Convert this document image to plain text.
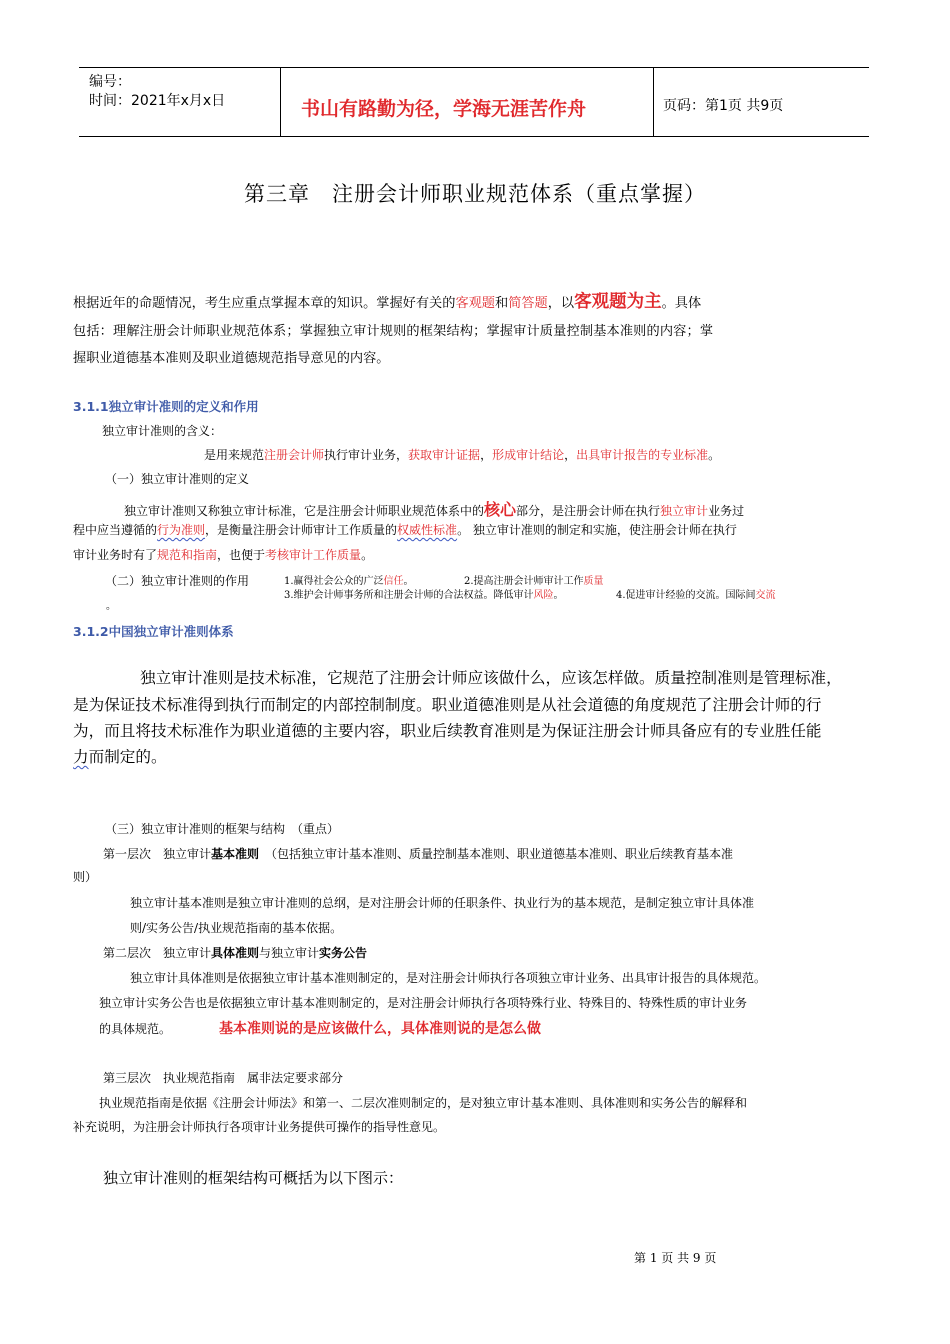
编号：
时间：2021年x月x日	书山有路勤为径，学海无涯苦作舟	页码：第1页 共9页
第三章　注册会计师职业规范体系（重点掌握）
根据近年的命题情况，考生应重点掌握本章的知识。掌握好有关的客观题和简答题，以客观题为主。具体
包括：理解注册会计师职业规范体系；掌握独立审计规则的框架结构；掌握审计质量控制基本准则的内容；掌
握职业道德基本准则及职业道德规范指导意见的内容。
3.1.1独立审计准则的定义和作用
独立审计准则的含义：
是用来规范注册会计师执行审计业务，获取审计证据，形成审计结论，出具审计报告的专业标准。
（一）独立审计准则的定义
独立审计准则又称独立审计标准，它是注册会计师职业规范体系中的核心部分，是注册会计师在执行独立审计业务过
程中应当遵循的行为准则，是衡量注册会计师审计工作质量的权威性标准。 独立审计准则的制定和实施，使注册会计师在执行
审计业务时有了规范和指南，也便于考核审计工作质量。
（二）独立审计准则的作用	1.赢得社会公众的广泛信任。	2.提高注册会计师审计工作质量
3.维护会计师事务所和注册会计师的合法权益。降低审计风险。	4.促进审计经验的交流。国际间交流
。
3.1.2中国独立审计准则体系
独立审计准则是技术标准，它规范了注册会计师应该做什么，应该怎样做。质量控制准则是管理标准，
是为保证技术标准得到执行而制定的内部控制制度。职业道德准则是从社会道德的角度规范了注册会计师的行
为，而且将技术标准作为职业道德的主要内容，职业后续教育准则是为保证注册会计师具备应有的专业胜任能
力而制定的。
（三）独立审计准则的框架与结构　（重点）
第一层次　独立审计基本准则　（包括独立审计基本准则、质量控制基本准则、职业道德基本准则、职业后续教育基本准
则）
独立审计基本准则是独立审计准则的总纲，是对注册会计师的任职条件、执业行为的基本规范，是制定独立审计具体准
则/实务公告/执业规范指南的基本依据。
第二层次　独立审计具体准则与独立审计实务公告
独立审计具体准则是依据独立审计基本准则制定的，是对注册会计师执行各项独立审计业务、出具审计报告的具体规范。
独立审计实务公告也是依据独立审计基本准则制定的，是对注册会计师执行各项特殊行业、特殊目的、特殊性质的审计业务
的具体规范。	基本准则说的是应该做什么，具体准则说的是怎么做
第三层次　执业规范指南　属非法定要求部分
执业规范指南是依据《注册会计师法》和第一、二层次准则制定的，是对独立审计基本准则、具体准则和实务公告的解释和
补充说明，为注册会计师执行各项审计业务提供可操作的指导性意见。
独立审计准则的框架结构可概括为以下图示：
第 1 页 共 9 页
